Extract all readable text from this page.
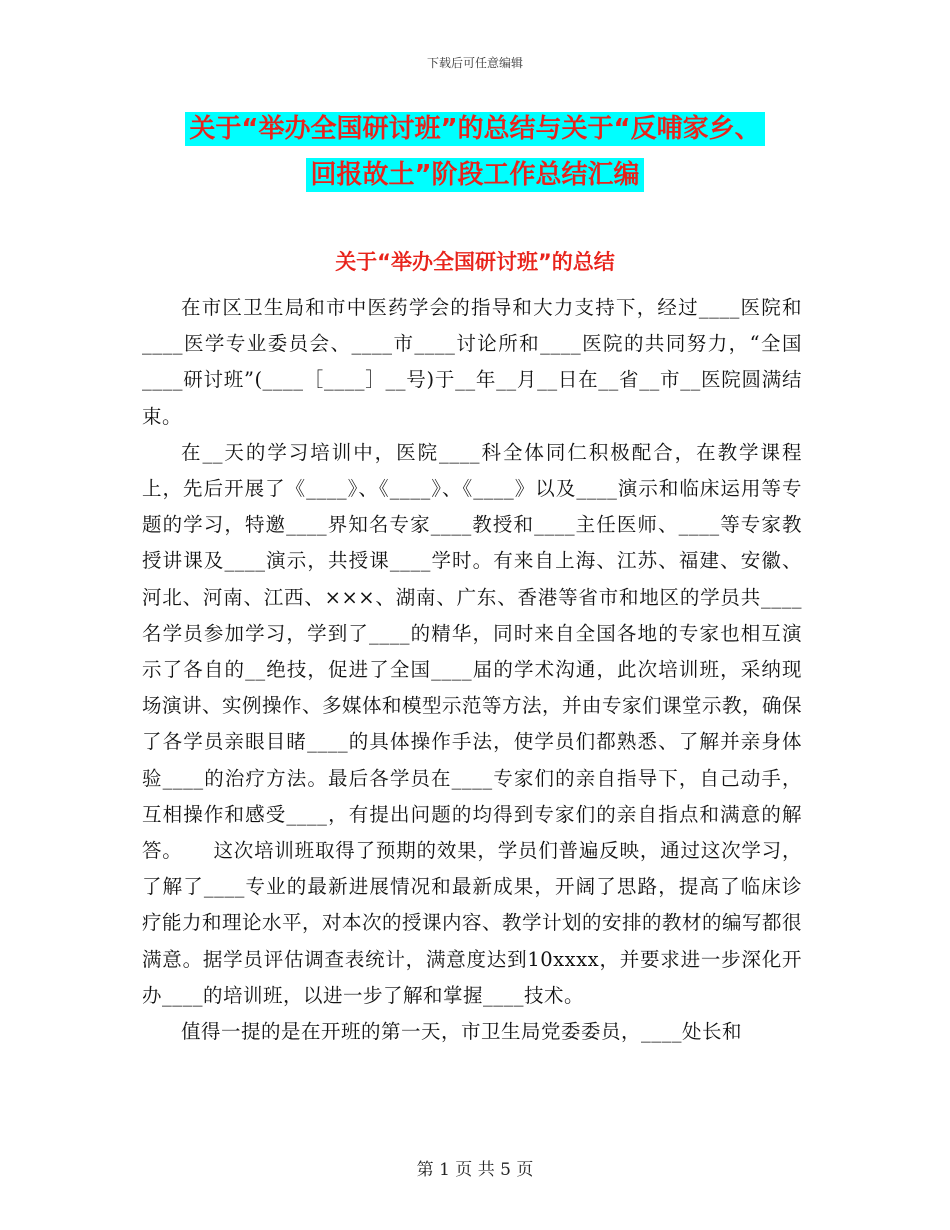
下载后可任意编辑
关于“举办全国研讨班”的总结与关于“反哺家乡、
回报故土”阶段工作总结汇编
关于“举办全国研讨班”的总结

在市区卫生局和市中医药学会的指导和大力支持下，经过____医院和____医学专业委员会、____市____讨论所和____医院的共同努力，“全国____研讨班”(____［____］__号)于__年__月__日在__省__市__医院圆满结束。

在__天的学习培训中，医院____科全体同仁积极配合，在教学课程上，先后开展了《____》、《____》、《____》以及____演示和临床运用等专题的学习，特邀____界知名专家____教授和____主任医师、____等专家教授讲课及____演示，共授课____学时。有来自上海、江苏、福建、安徽、河北、河南、江西、×××、湖南、广东、香港等省市和地区的学员共____名学员参加学习，学到了____的精华，同时来自全国各地的专家也相互演示了各自的__绝技，促进了全国____届的学术沟通，此次培训班，采纳现场演讲、实例操作、多媒体和模型示范等方法，并由专家们课堂示教，确保了各学员亲眼目睹____的具体操作手法，使学员们都熟悉、了解并亲身体验____的治疗方法。最后各学员在____专家们的亲自指导下，自己动手，互相操作和感受____，有提出问题的均得到专家们的亲自指点和满意的解答。　　这次培训班取得了预期的效果，学员们普遍反映，通过这次学习，了解了____专业的最新进展情况和最新成果，开阔了思路，提高了临床诊疗能力和理论水平，对本次的授课内容、教学计划的安排的教材的编写都很满意。据学员评估调查表统计，满意度达到10xxxx，并要求进一步深化开办____的培训班，以进一步了解和掌握____技术。

值得一提的是在开班的第一天，市卫生局党委委员，____处长和

第 1 页 共 5 页
